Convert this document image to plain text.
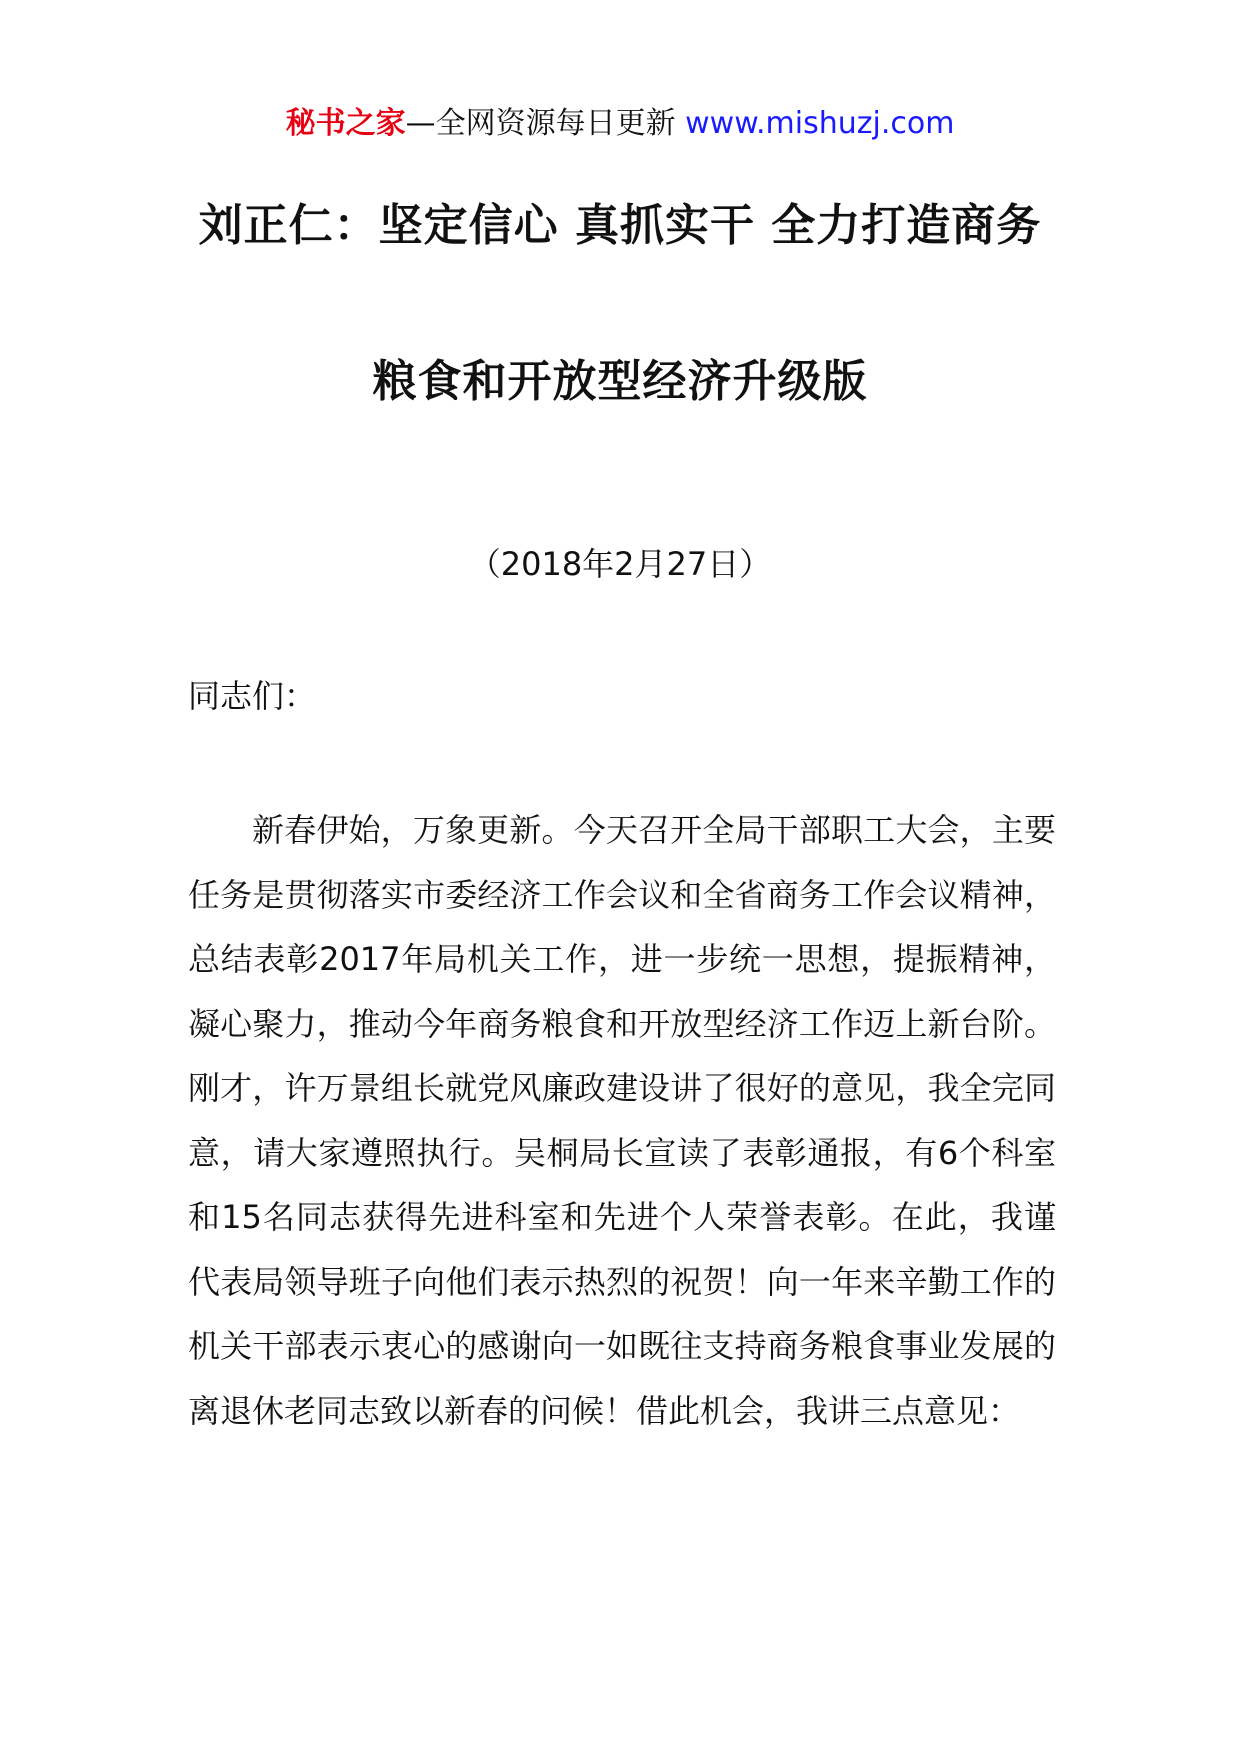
秘书之家—全网资源每日更新 www.mishuzj.com
刘正仁：坚定信心 真抓实干 全力打造商务
粮食和开放型经济升级版
（2018年2月27日）
同志们：

新春伊始，万象更新。今天召开全局干部职工大会，主要任务是贯彻落实市委经济工作会议和全省商务工作会议精神，总结表彰2017年局机关工作，进一步统一思想，提振精神，凝心聚力，推动今年商务粮食和开放型经济工作迈上新台阶。刚才，许万景组长就党风廉政建设讲了很好的意见，我全完同意，请大家遵照执行。吴桐局长宣读了表彰通报，有6个科室和15名同志获得先进科室和先进个人荣誉表彰。在此，我谨代表局领导班子向他们表示热烈的祝贺！向一年来辛勤工作的机关干部表示衷心的感谢向一如既往支持商务粮食事业发展的离退休老同志致以新春的问候！借此机会，我讲三点意见：
